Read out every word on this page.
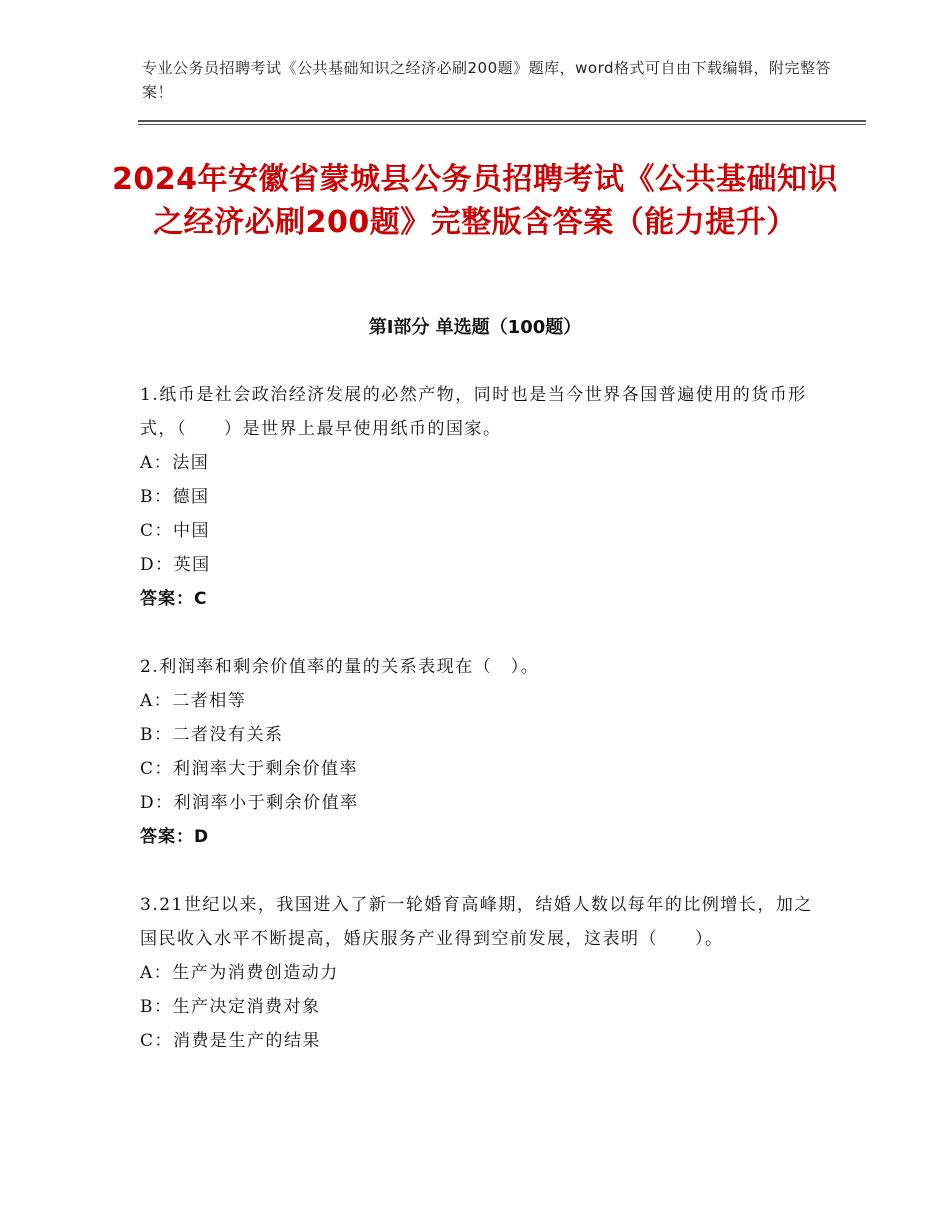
专业公务员招聘考试《公共基础知识之经济必刷200题》题库，word格式可自由下载编辑，附完整答案！
2024年安徽省蒙城县公务员招聘考试《公共基础知识之经济必刷200题》完整版含答案（能力提升）
第Ⅰ部分 单选题（100题）
1.纸币是社会政治经济发展的必然产物，同时也是当今世界各国普遍使用的货币形式，（　　）是世界上最早使用纸币的国家。
A：法国
B：德国
C：中国
D：英国
答案：C
2.利润率和剩余价值率的量的关系表现在（　）。
A：二者相等
B：二者没有关系
C：利润率大于剩余价值率
D：利润率小于剩余价值率
答案：D
3.21世纪以来，我国进入了新一轮婚育高峰期，结婚人数以每年的比例增长，加之国民收入水平不断提高，婚庆服务产业得到空前发展，这表明（　　）。
A：生产为消费创造动力
B：生产决定消费对象
C：消费是生产的结果
